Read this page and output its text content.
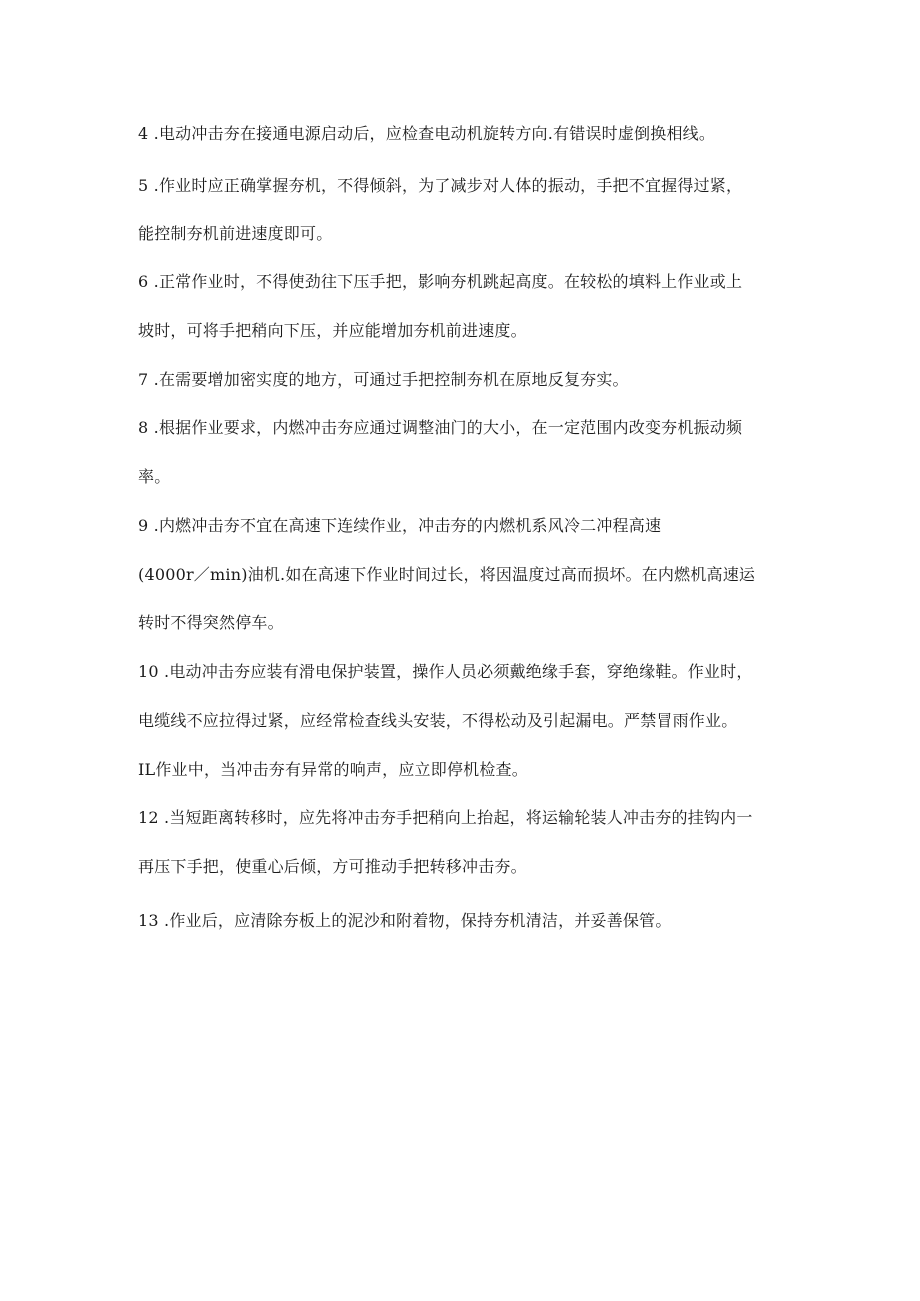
4 .电动冲击夯在接通电源启动后，应检查电动机旋转方向.有错误时虚倒换相线。
5 .作业时应正确掌握夯机，不得倾斜，为了减步对人体的振动，手把不宜握得过紧，
能控制夯机前进速度即可。
6 .正常作业时，不得使劲往下压手把，影响夯机跳起高度。在较松的填料上作业或上
坡时，可将手把稍向下压，并应能增加夯机前进速度。
7 .在需要增加密实度的地方，可通过手把控制夯机在原地反复夯实。
8 .根据作业要求，内燃冲击夯应通过调整油门的大小，在一定范围内改变夯机振动频
率。
9 .内燃冲击夯不宜在高速下连续作业，冲击夯的内燃机系风冷二冲程高速
(4000r／min)油机.如在高速下作业时间过长，将因温度过高而损坏。在内燃机高速运
转时不得突然停车。
10 .电动冲击夯应装有滑电保护装置，操作人员必须戴绝缘手套，穿绝缘鞋。作业时，
电缆线不应拉得过紧，应经常检查线头安装，不得松动及引起漏电。严禁冒雨作业。
IL作业中，当冲击夯有异常的响声，应立即停机检查。
12 .当短距离转移时，应先将冲击夯手把稍向上抬起，将运输轮装人冲击夯的挂钩内一
再压下手把，使重心后倾，方可推动手把转移冲击夯。
13 .作业后，应清除夯板上的泥沙和附着物，保持夯机清洁，并妥善保管。
